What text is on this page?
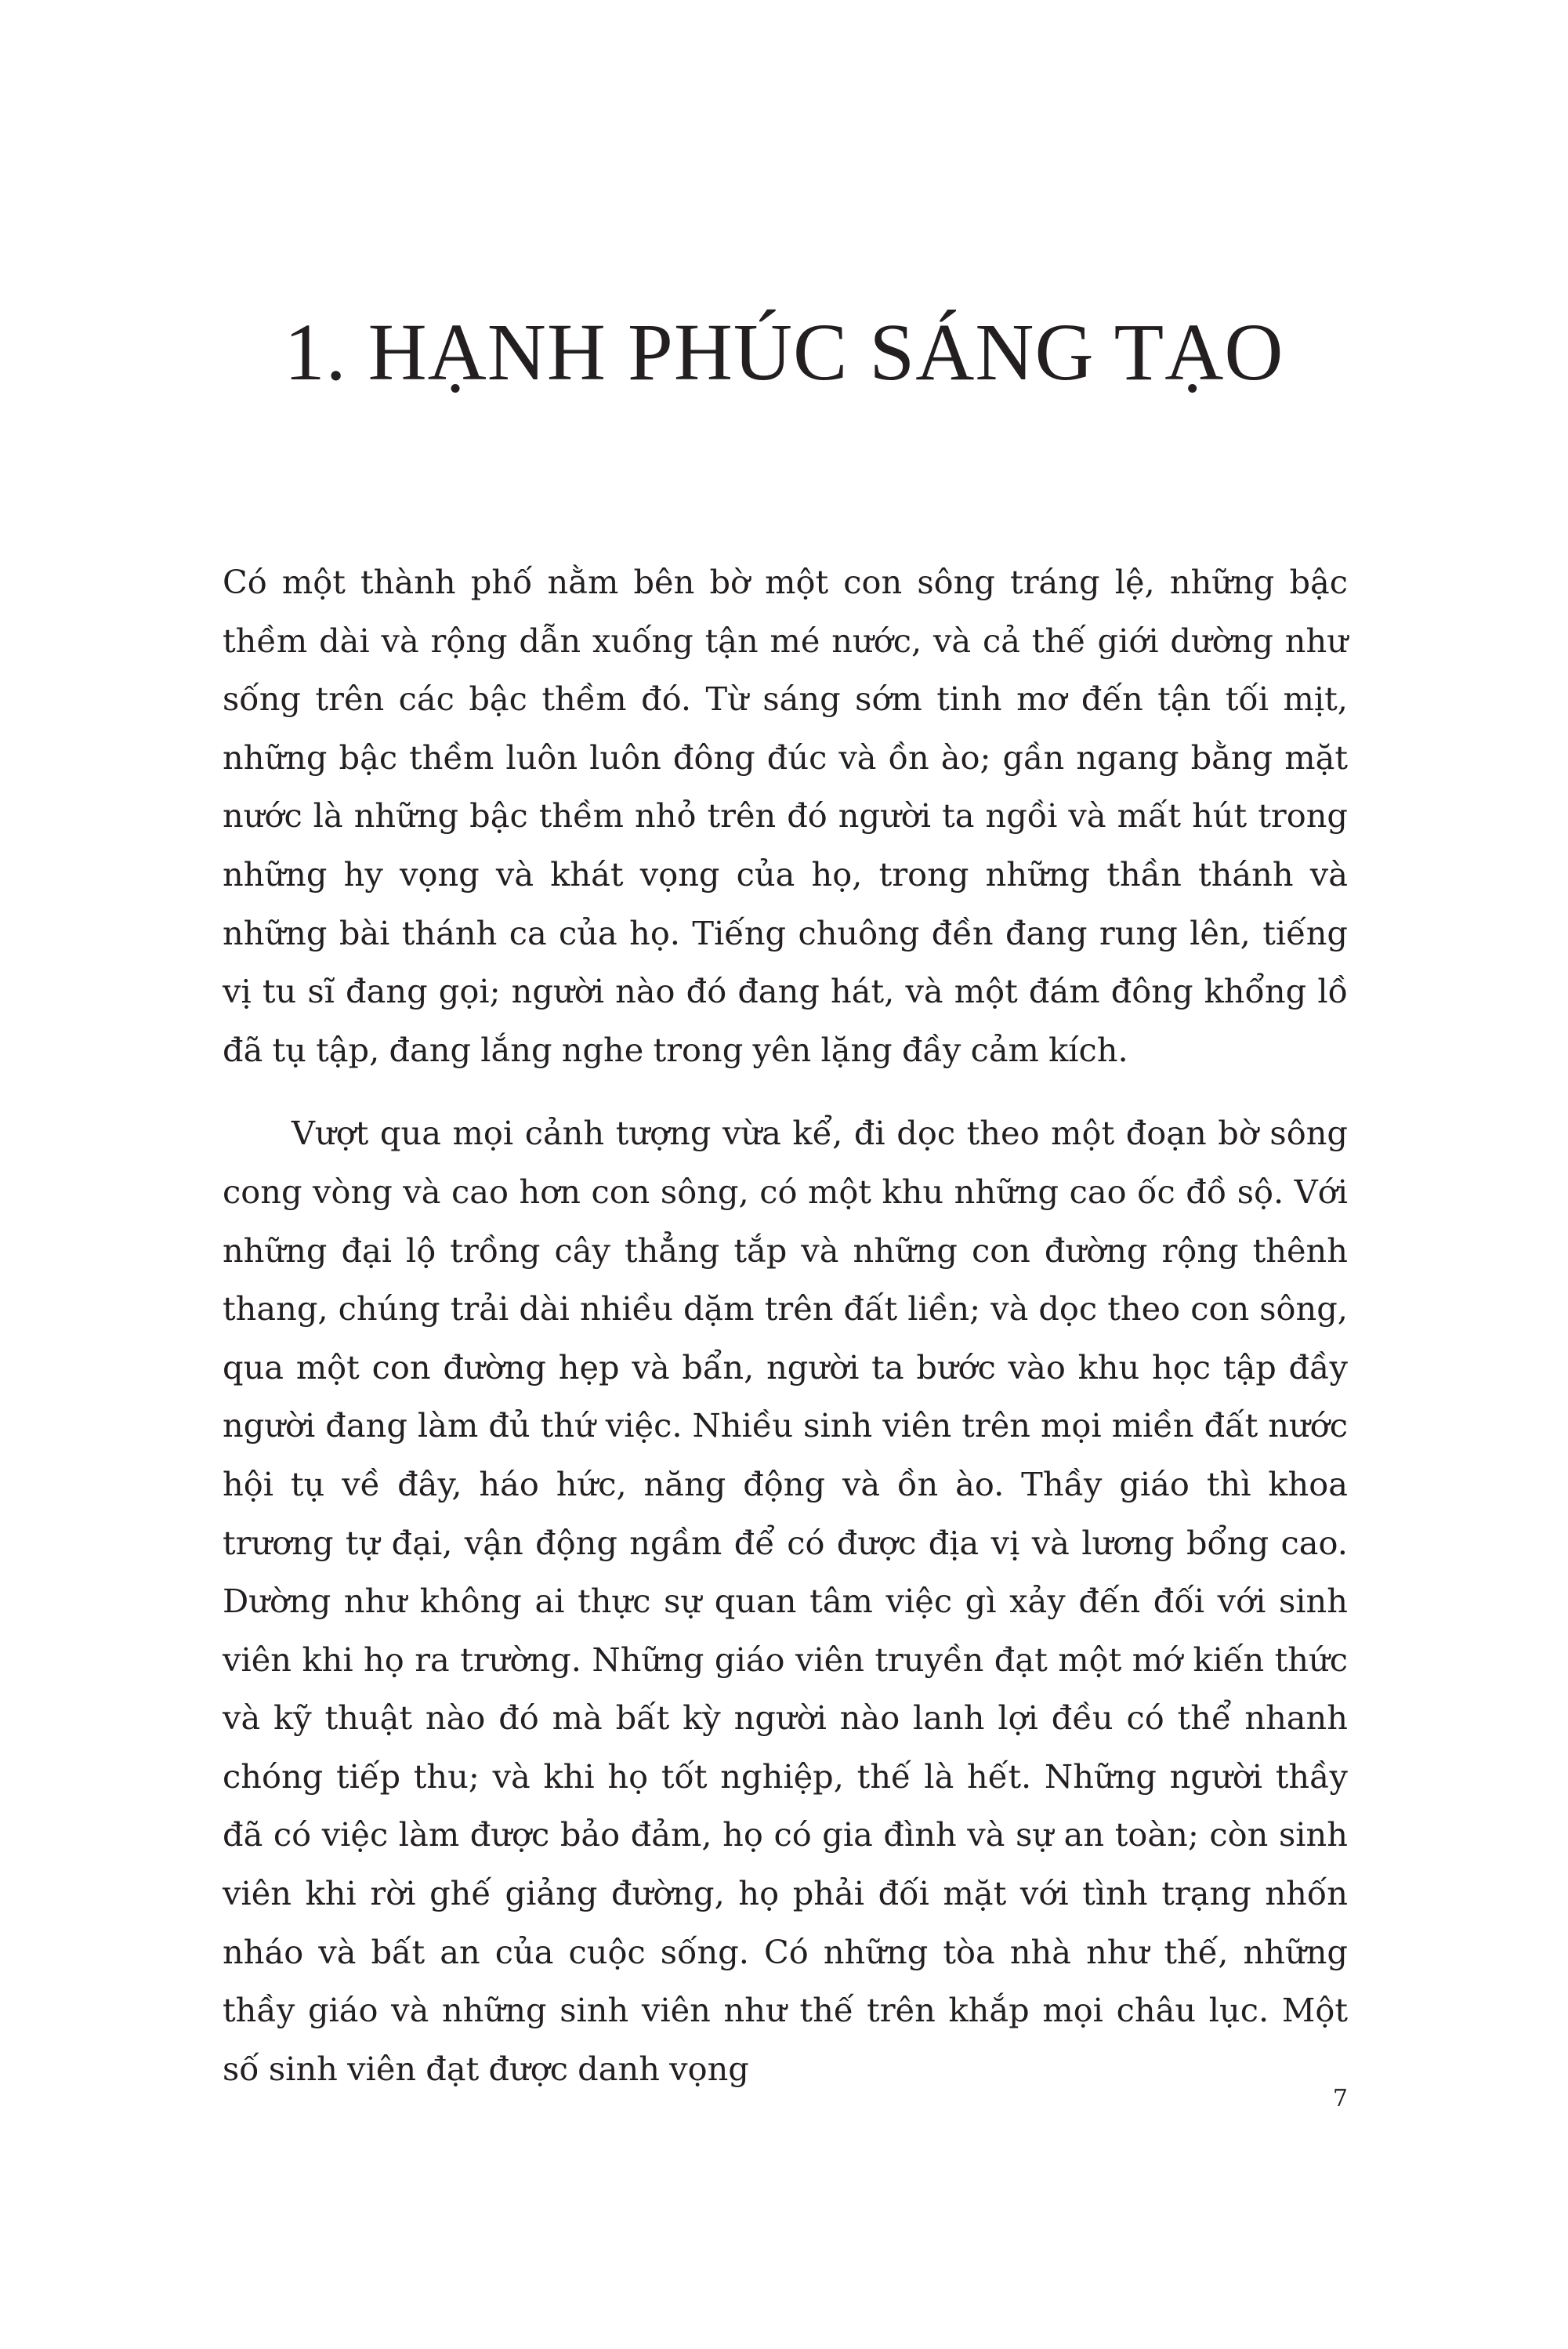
1. HẠNH PHÚC SÁNG TẠO

Có một thành phố nằm bên bờ một con sông tráng lệ, những bậc thềm dài và rộng dẫn xuống tận mé nước, và cả thế giới dường như sống trên các bậc thềm đó. Từ sáng sớm tinh mơ đến tận tối mịt, những bậc thềm luôn luôn đông đúc và ồn ào; gần ngang bằng mặt nước là những bậc thềm nhỏ trên đó người ta ngồi và mất hút trong những hy vọng và khát vọng của họ, trong những thần thánh và những bài thánh ca của họ. Tiếng chuông đền đang rung lên, tiếng vị tu sĩ đang gọi; người nào đó đang hát, và một đám đông khổng lồ đã tụ tập, đang lắng nghe trong yên lặng đầy cảm kích.

Vượt qua mọi cảnh tượng vừa kể, đi dọc theo một đoạn bờ sông cong vòng và cao hơn con sông, có một khu những cao ốc đồ sộ. Với những đại lộ trồng cây thẳng tắp và những con đường rộng thênh thang, chúng trải dài nhiều dặm trên đất liền; và dọc theo con sông, qua một con đường hẹp và bẩn, người ta bước vào khu học tập đầy người đang làm đủ thứ việc. Nhiều sinh viên trên mọi miền đất nước hội tụ về đây, háo hức, năng động và ồn ào. Thầy giáo thì khoa trương tự đại, vận động ngầm để có được địa vị và lương bổng cao. Dường như không ai thực sự quan tâm việc gì xảy đến đối với sinh viên khi họ ra trường. Những giáo viên truyền đạt một mớ kiến thức và kỹ thuật nào đó mà bất kỳ người nào lanh lợi đều có thể nhanh chóng tiếp thu; và khi họ tốt nghiệp, thế là hết. Những người thầy đã có việc làm được bảo đảm, họ có gia đình và sự an toàn; còn sinh viên khi rời ghế giảng đường, họ phải đối mặt với tình trạng nhốn nháo và bất an của cuộc sống. Có những tòa nhà như thế, những thầy giáo và những sinh viên như thế trên khắp mọi châu lục. Một số sinh viên đạt được danh vọng

7
